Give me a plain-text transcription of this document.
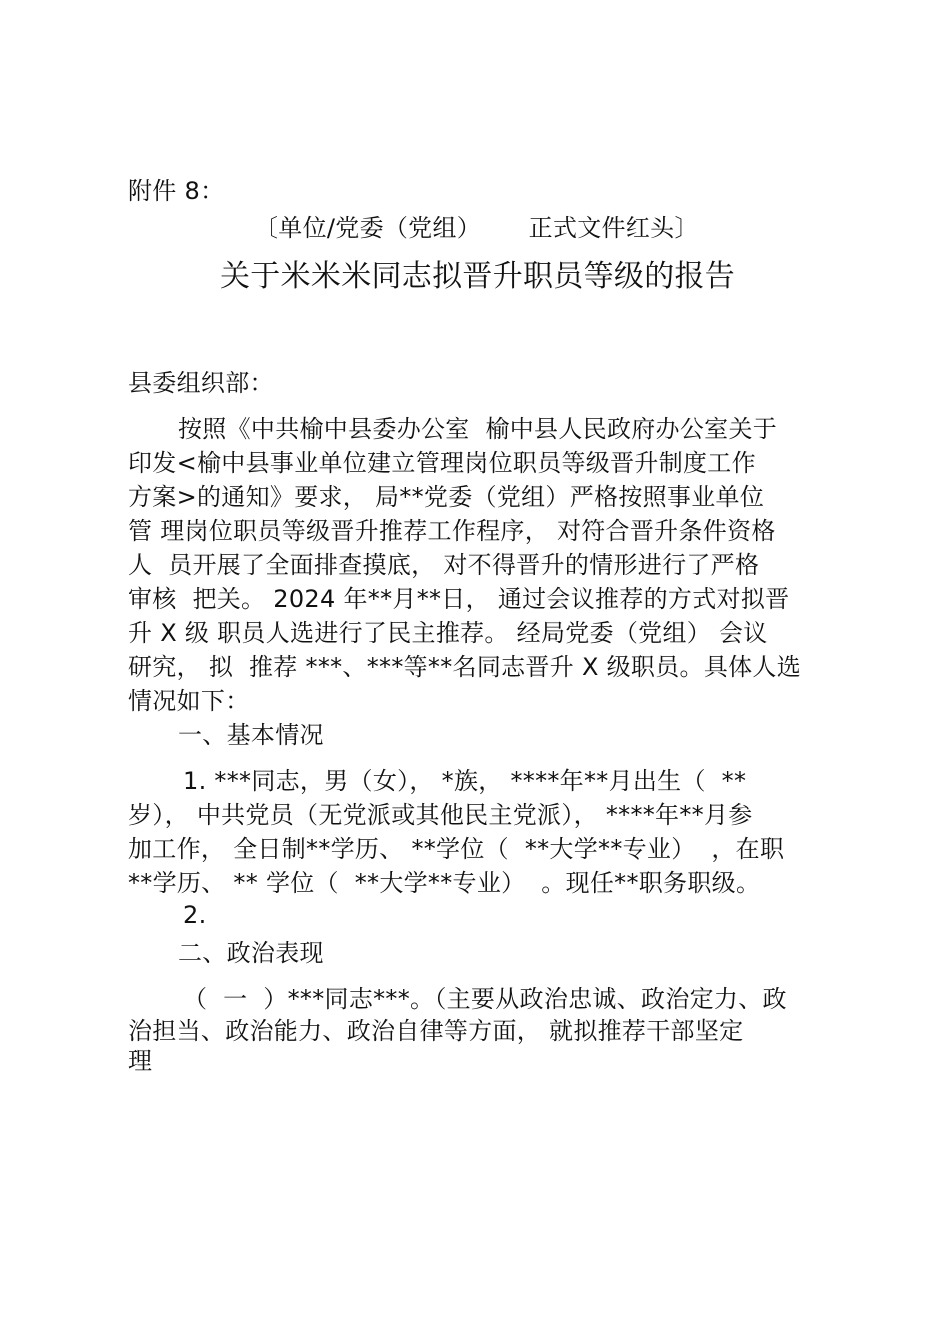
附件 8：
〔单位/党委（党组）      正式文件红头〕
关于米米米同志拟晋升职员等级的报告
县委组织部：
按照《中共榆中县委办公室  榆中县人民政府办公室关于
印发<榆中县事业单位建立管理岗位职员等级晋升制度工作
方案>的通知》要求， 局**党委（党组）严格按照事业单位
管 理岗位职员等级晋升推荐工作程序， 对符合晋升条件资格
人  员开展了全面排查摸底， 对不得晋升的情形进行了严格
审核  把关。 2024 年**月**日， 通过会议推荐的方式对拟晋
升 X 级 职员人选进行了民主推荐。 经局党委（党组） 会议
研究， 拟  推荐 ***、***等**名同志晋升 X 级职员。具体人选
情况如下：
一、基本情况
1. ***同志，男（女）， *族， ****年**月出生（  **
岁）， 中共党员（无党派或其他民主党派）， ****年**月参
加工作， 全日制**学历、 **学位（  **大学**专业）  ，在职
**学历、 ** 学位（  **大学**专业）  。现任**职务职级。
2.
二、政治表现
（  一  ）***同志***。（主要从政治忠诚、政治定力、政
治担当、政治能力、政治自律等方面， 就拟推荐干部坚定
理
